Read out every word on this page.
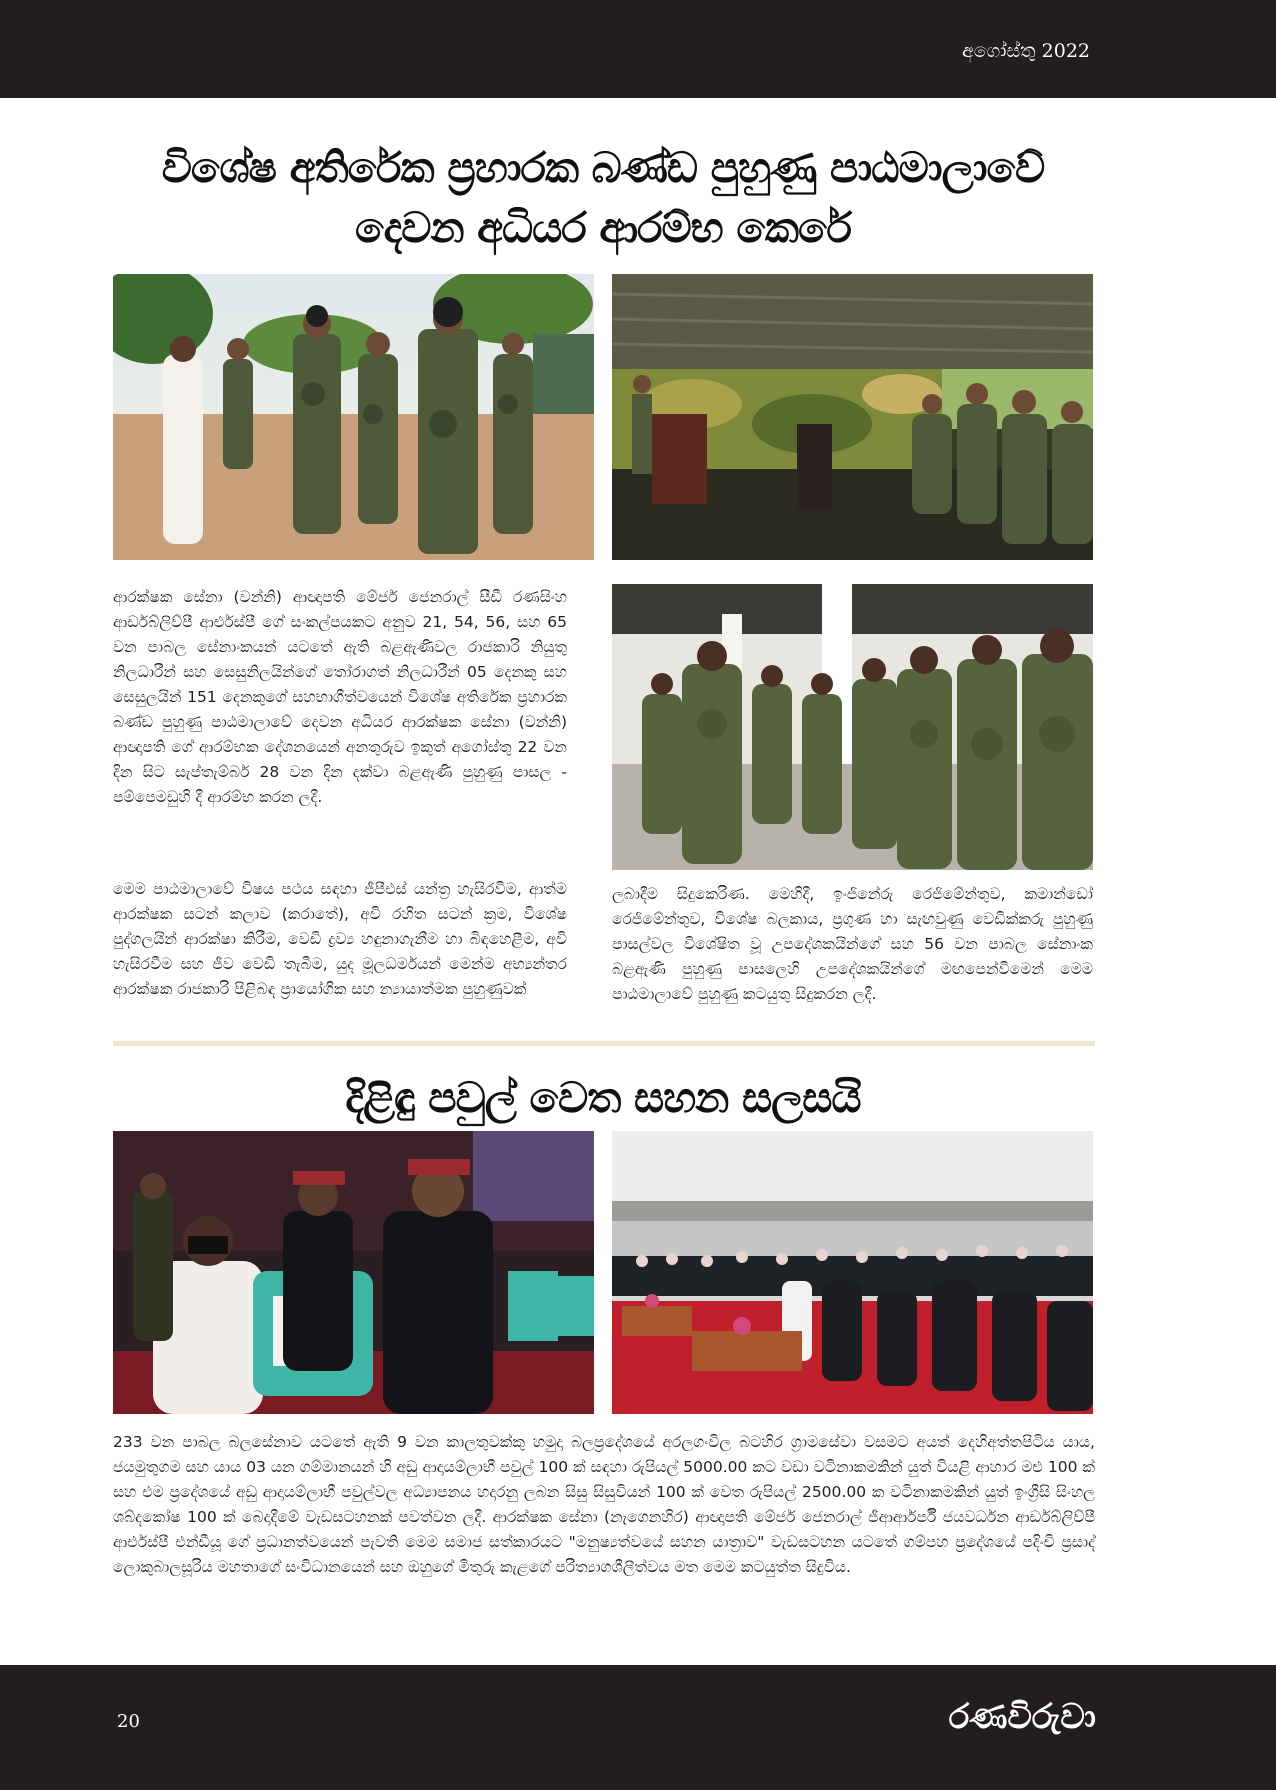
අගෝස්තු 2022
විශේෂ අතිරේක ප්‍රහාරක බණ්ඩ පුහුණු පාඨමාලාවේ
දෙවන අධියර ආරම්භ කෙරේ
ආරක්ෂක සේනා (වන්නි) ආඥාපති මේජර් ජෙනරාල් සීඩී රණසිංහ ආර්ඩබ්ලිව්පී ආර්එස්පී ගේ සංකල්පයකට අනුව 21, 54, 56, සහ 65 වන පාබල සේනාංකයන් යටතේ ඇති බළඇණිවල රාජකාරි නියුතු නිලධාරීන් සහ සෙසුනිලයින්ගේ තෝරාගත් නිලධාරීන් 05 දෙනකු සහ සෙසුලයින් 151 දෙනකුගේ සහභාගීත්වයෙන් විශේෂ අතිරේක ප්‍රහාරක බණ්ඩ පුහුණු පාඨමාලාවේ දෙවන අධියර ආරක්ෂක සේනා (වන්නි) ආඥාපති ගේ ආරම්භක දේශනයෙන් අනතුරුව ඉකුත් අගෝස්තු 22 වන දින සිට සැප්තැම්බර් 28 වන දින දක්වා බළඇණි පුහුණු පාසල - පම්පෙමඩුහි දී ආරම්භ කරන ලදී.
මෙම පාඨමාලාවේ විෂය පථය සඳහා ජීපීඑස් යන්ත්‍ර හැසිරවීම, ආත්ම ආරක්ෂක සටන් කලාව (කරාතේ), අවි රහිත සටන් ක්‍රම, විශේෂ පුද්ගලයින් ආරක්ෂා කිරීම, වෙඩි ද්‍රව්‍ය හඳුනාගැනීම හා බිඳහෙළීම, අවි හැසිරවීම සහ ජීව වෙඩි තැබීම, යුද මූලධර්මයන් මෙන්ම අභ්‍යන්තර ආරක්ෂක රාජකාරි පිළිබඳ ප්‍රායෝගික සහ න්‍යායාත්මක පුහුණුවක්
ලබාදීම සිදුකෙරිණ. මෙහිදී, ඉංජිනේරු රෙජිමේන්තුව, කමාන්ඩෝ රෙජිමේන්තුව, විශේෂ බලකාය, ප්‍රගුණ හා සැඟවුණු වෙඩික්කරු පුහුණු පාසල්වල විශේෂිත වූ උපදේශකයින්ගේ සහ 56 වන පාබල සේනාංක බළඇණි පුහුණු පාසලෙහි උපදේශකයින්ගේ මඟපෙන්වීමෙන් මෙම පාඨමාලාවේ පුහුණු කටයුතු සිදුකරන ලදී.
දිළිඳු පවුල් වෙත සහන සලසයි
233 වන පාබල බලසේනාව යටතේ ඇති 9 වන කාලතුවක්කු හමුදා බලප්‍රදේශයේ අරලගංවිල බටහිර ග්‍රාමසේවා වසමට අයත් දෙහිඅත්තපිටිය යාය, ජයමුතුගම සහ යාය 03 යන ගම්මානයන් හි අඩු ආදායම්ලාභී පවුල් 100 ක් සඳහා රුපියල් 5000.00 කට වඩා වටිනාකමකින් යුත් වියළි ආහාර මළු 100 ක් සහ එම ප්‍රදේශයේ අඩු ආදායම්ලාභී පවුල්වල අධ්‍යාපනය හදාරනු ලබන සිසු සිසුවියන් 100 ක් වෙත රුපියල් 2500.00 ක වටිනාකමකින් යුත් ඉංග්‍රීසි සිංහල ශබ්දකෝෂ 100 ක් බෙදාදීමේ වැඩසටහනක් පවත්වන ලදී. ආරක්ෂක සේනා (නැගෙනහිර) ආඥාපති මේජර් ජෙනරාල් ජීආර්ආර්පී ජයවර්ධන ආර්ඩබ්ලිව්පී ආර්එස්පී එන්ඩීයූ ගේ ප්‍රධානත්වයෙන් පැවති මෙම සමාජ සත්කාරයට "මනුෂ්‍යත්වයේ සහන යාත්‍රාව" වැඩසටහන යටතේ ගම්පහ ප්‍රදේශයේ පදිංචි ප්‍රසාද් ලොකුබාලසූරිය මහතාගේ සංවිධානයෙන් සහ ඔහුගේ මිතුරු කැළගේ පරිත්‍යාගශීලීත්වය මත මෙම කටයුත්ත සිදුවිය.
20	රණවිරුවා
